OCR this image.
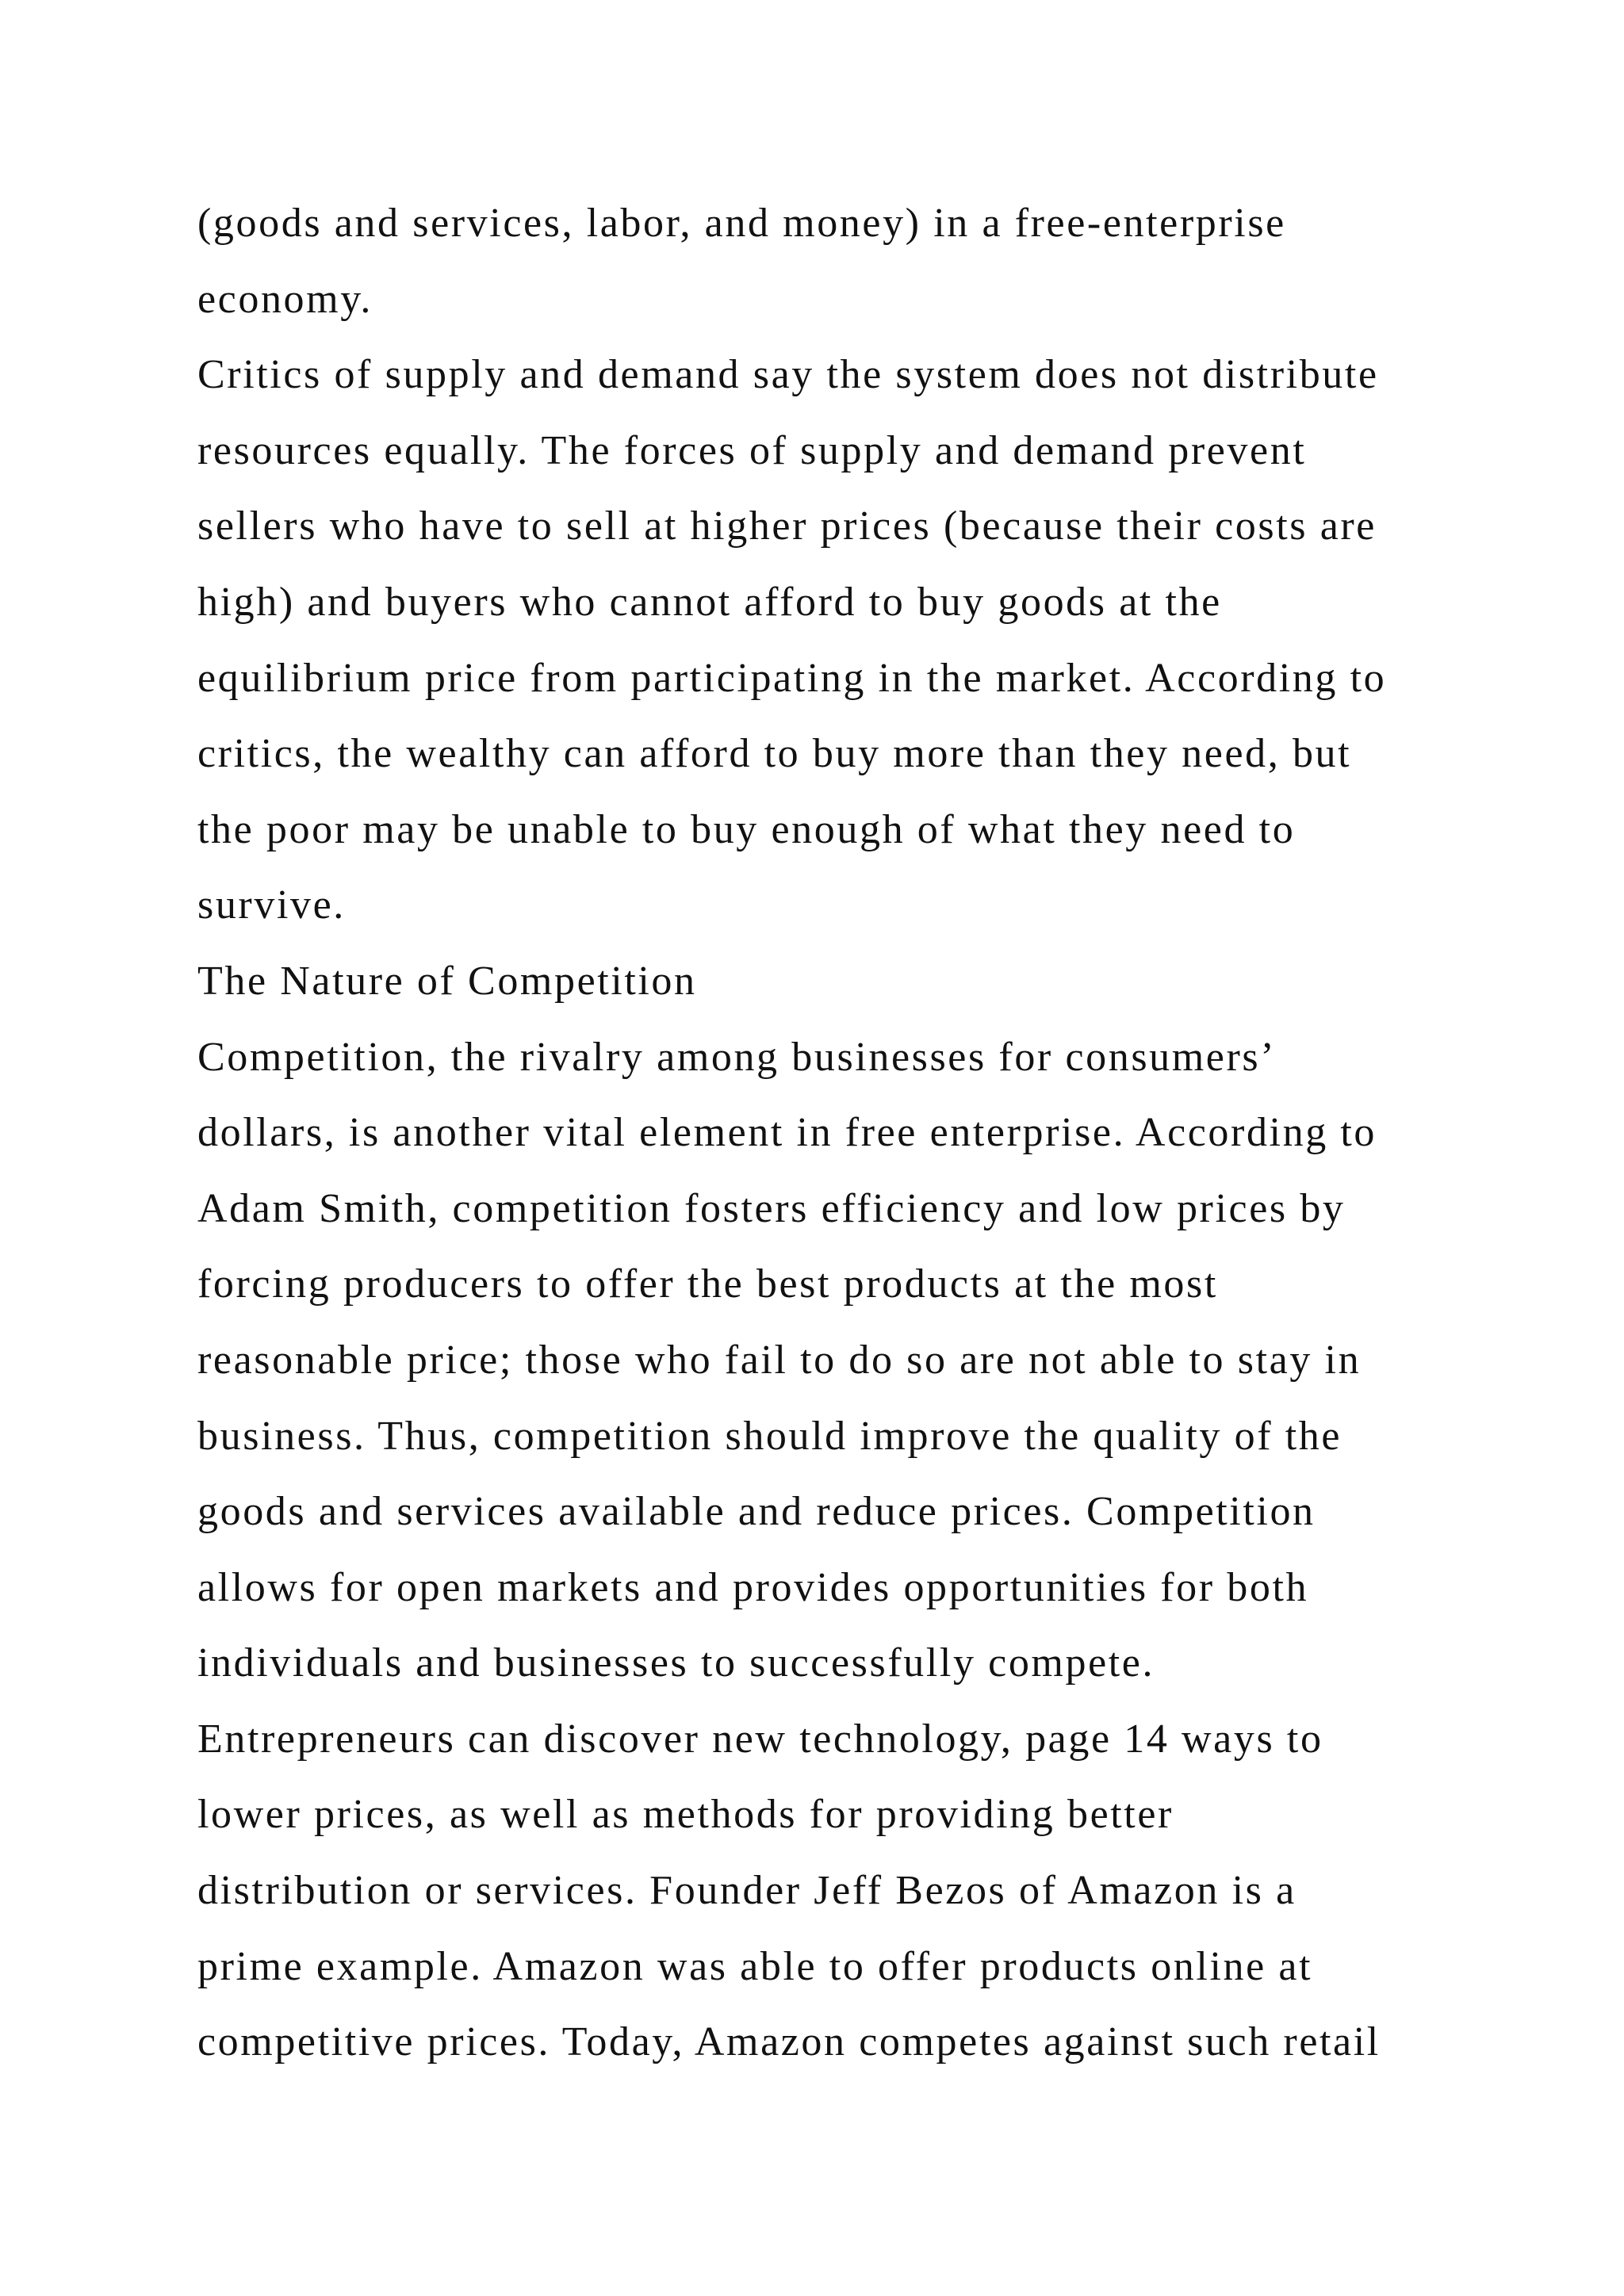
(goods and services, labor, and money) in a free-enterprise
economy.
Critics of supply and demand say the system does not distribute
resources equally. The forces of supply and demand prevent
sellers who have to sell at higher prices (because their costs are
high) and buyers who cannot afford to buy goods at the
equilibrium price from participating in the market. According to
critics, the wealthy can afford to buy more than they need, but
the poor may be unable to buy enough of what they need to
survive.
The Nature of Competition
Competition, the rivalry among businesses for consumers’
dollars, is another vital element in free enterprise. According to
Adam Smith, competition fosters efficiency and low prices by
forcing producers to offer the best products at the most
reasonable price; those who fail to do so are not able to stay in
business. Thus, competition should improve the quality of the
goods and services available and reduce prices. Competition
allows for open markets and provides opportunities for both
individuals and businesses to successfully compete.
Entrepreneurs can discover new technology, page 14 ways to
lower prices, as well as methods for providing better
distribution or services. Founder Jeff Bezos of Amazon is a
prime example. Amazon was able to offer products online at
competitive prices. Today, Amazon competes against such retail
